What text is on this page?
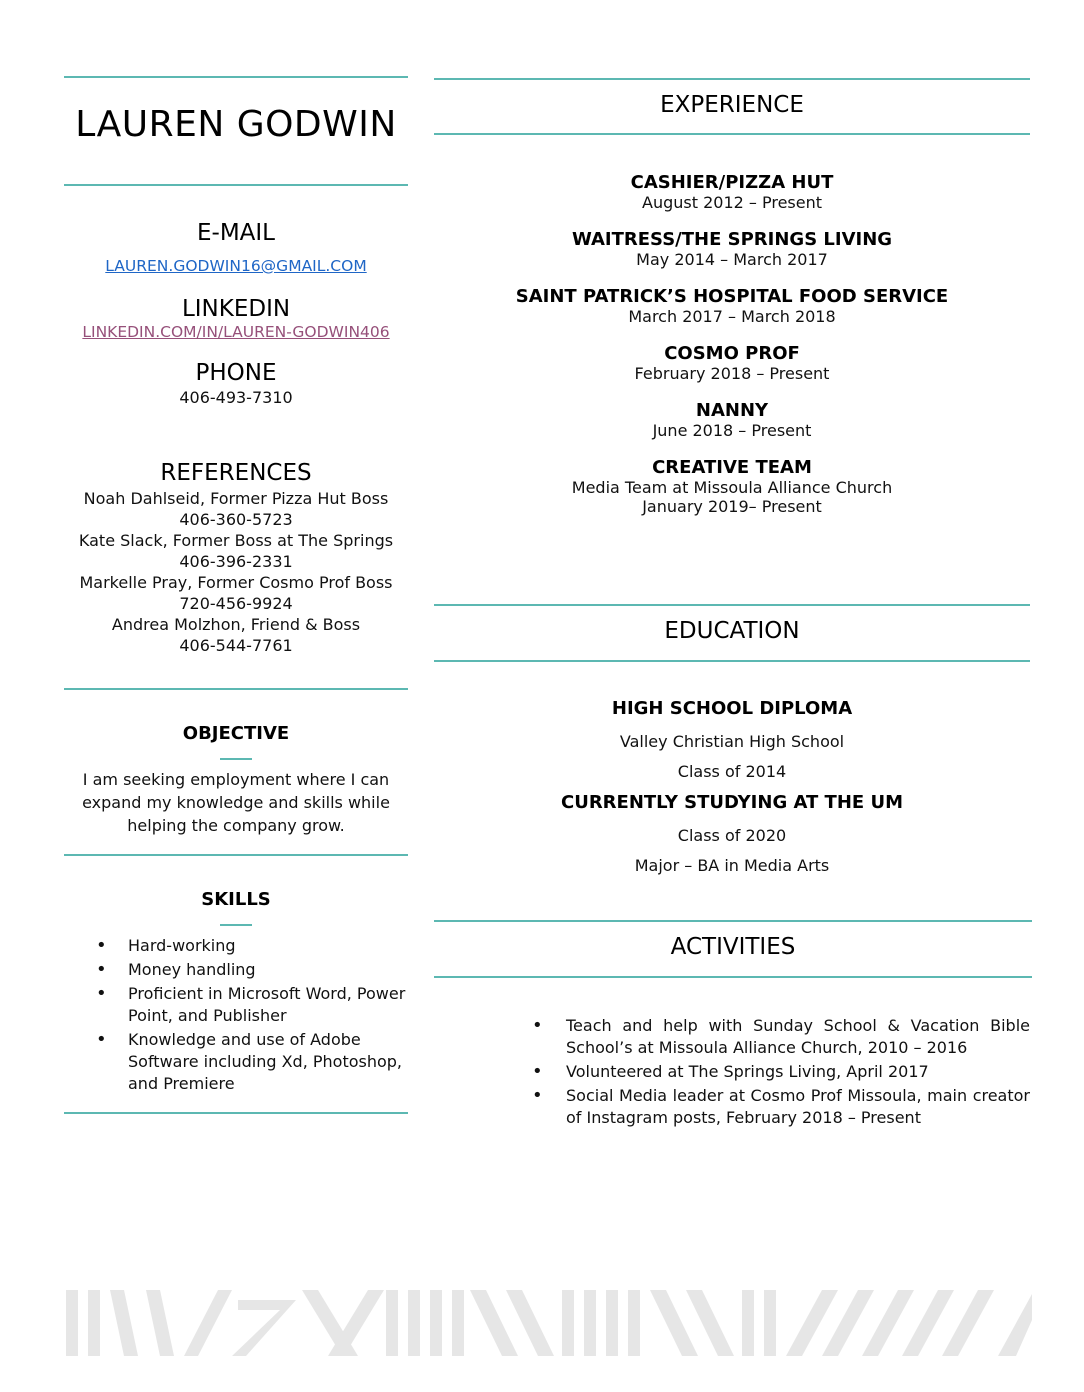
LAUREN GODWIN
E-MAIL
LAUREN.GODWIN16@GMAIL.COM
LINKEDIN
LINKEDIN.COM/IN/LAUREN-GODWIN406
PHONE
406-493-7310
REFERENCES
Noah Dahlseid, Former Pizza Hut Boss
406-360-5723
Kate Slack, Former Boss at The Springs
406-396-2331
Markelle Pray, Former Cosmo Prof Boss
720-456-9924
Andrea Molzhon, Friend & Boss
406-544-7761
OBJECTIVE
I am seeking employment where I can expand my knowledge and skills while helping the company grow.
SKILLS
• Hard-working
• Money handling
• Proficient in Microsoft Word, Power Point, and Publisher
• Knowledge and use of Adobe Software including Xd, Photoshop, and Premiere
EXPERIENCE
CASHIER/PIZZA HUT
August 2012 – Present
WAITRESS/THE SPRINGS LIVING
May 2014 – March 2017
SAINT PATRICK’S HOSPITAL FOOD SERVICE
March 2017 – March 2018
COSMO PROF
February 2018 – Present
NANNY
June 2018 – Present
CREATIVE TEAM
Media Team at Missoula Alliance Church
January 2019– Present
EDUCATION
HIGH SCHOOL DIPLOMA
Valley Christian High School
Class of 2014
CURRENTLY STUDYING AT THE UM
Class of 2020
Major – BA in Media Arts
ACTIVITIES
• Teach and help with Sunday School & Vacation Bible School’s at Missoula Alliance Church, 2010 – 2016
• Volunteered at The Springs Living, April 2017
• Social Media leader at Cosmo Prof Missoula, main creator of Instagram posts, February 2018 – Present
